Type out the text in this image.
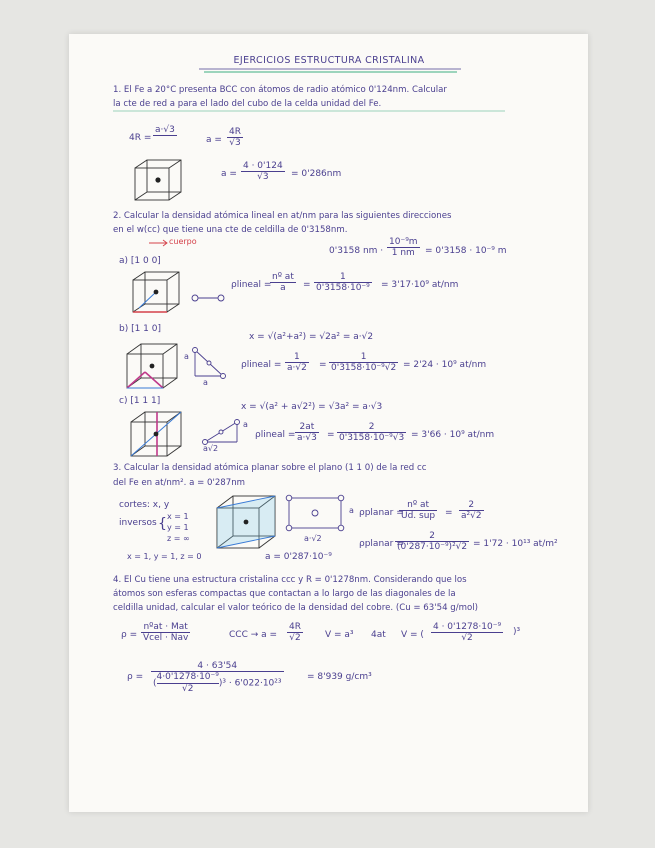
EJERCICIOS ESTRUCTURA CRISTALINA
1. El Fe a 20°C presenta BCC con átomos de radio atómico 0'124nm. Calcular
la cte de red a para el lado del cubo de la celda unidad del Fe.
4R =
a·√3
$a = \frac{4R}{√3}$
$a = \frac{4 \cdot 0'124}{√3} = 0'286nm$
2. Calcular la densidad atómica lineal en at/nm para las siguientes direcciones
en el w(cc) que tiene una cte de celdilla de 0'3158nm.
cuerpo
0'3158 nm · $\frac{\text{10⁻⁹m}}{1 nm} = 0'3158 \cdot 10^{-9}$ m
a) [1 0 0]
ρlineal =
$\frac{\text{nº at}}{a} = \frac{1}{\text{0'3158·10⁻⁹}} = 3'17\cdot 10^9$ at/nm
b) [1 1 0]
x = √(a²+a²) = √2a² = a·√2
a
a
ρlineal = $\frac{1}{a\cdot√2} = \frac{1}{\text{0'3158·10⁻⁹√2}} = 2'24 \cdot 10^9$ at/nm
c) [1 1 1]
x = √(a² + a√2²) = √3a² = a·√3
a
a√2
ρlineal = $\frac{2at}{a\cdot√3} = \frac{2}{\text{0'3158·10⁻⁹√3}} = 3'66 \cdot 10^9$ at/nm
3. Calcular la densidad atómica planar sobre el plano (1 1 0) de la red cc
del Fe en at/nm². a = 0'287nm
cortes: x, y
inversos { x = 1
y = 1
z = ∞
x = 1, y = 1, z = 0
a
a·√2
ρplanar =
nº at
Ud. sup = $\frac{2}{\text{a²√2}}$
a = 0'287·10⁻⁹
ρplanar =
$\frac{2}{\text{(0'287·10⁻⁹)²√2}} = 1'72 \cdot 10^{13}$ at/m²
4. El Cu tiene una estructura cristalina ccc y R = 0'1278nm. Considerando que los
átomos son esferas compactas que contactan a lo largo de las diagonales de la
celdilla unidad, calcular el valor teórico de la densidad del cobre. (Cu = 63'54 g/mol)
ρ =
nºat · Mat
Vcel · Nav	CCC → $a = \frac{4R}{√2}$ V = a³ 4at V = ( $\frac{\text{4 · 0'1278·10⁻⁹}}{√2} )^3$
$\rho = \frac{4 \cdot 63'54}{( \frac{\text{4·0'1278·10⁻⁹}}{√2} )^3 \cdot 6'022\cdot 10^{23}}$	= 8'939 g/cm³
